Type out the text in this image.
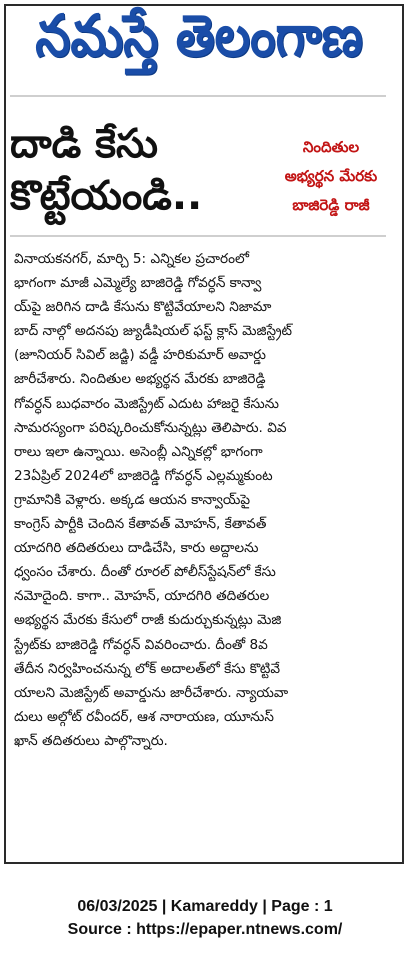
నమస్తే తెలంగాణ
దాడి కేసు
కొట్టేయండి..
నిందితుల
అభ్యర్థన మేరకు
బాజిరెడ్డి రాజీ
వినాయకనగర్, మార్చి 5: ఎన్నికల ప్రచారంలో
భాగంగా మాజీ ఎమ్మెల్యే బాజిరెడ్డి గోవర్ధన్ కాన్వా
య్‌పై జరిగిన దాడి కేసును కొట్టివేయాలని నిజామా
బాద్ నాల్గో అదనపు జ్యుడీషియల్ ఫస్ట్ క్లాస్ మెజిస్ట్రేట్
(జూనియర్ సివిల్ జడ్జి) వడ్డీ హరికుమార్ అవార్డు
జారీచేశారు. నిందితుల అభ్యర్థన మేరకు బాజిరెడ్డి
గోవర్ధన్ బుధవారం మెజిస్ట్రేట్ ఎదుట హాజరై కేసును
సామరస్యంగా పరిష్కరించుకోనున్నట్లు తెలిపారు. వివ
రాలు ఇలా ఉన్నాయి. అసెంబ్లీ ఎన్నికల్లో భాగంగా
23ఏప్రిల్ 2024లో బాజిరెడ్డి గోవర్ధన్ ఎల్లమ్మకుంట
గ్రామానికి వెళ్లారు. అక్కడ ఆయన కాన్వాయ్‌పై
కాంగ్రెస్ పార్టీకి చెందిన కేతావత్ మోహన్, కేతావత్
యాదగిరి తదితరులు దాడిచేసి, కారు అద్దాలను
ధ్వంసం చేశారు. దీంతో రూరల్ పోలీస్‌స్టేషన్‌లో కేసు
నమోదైంది. కాగా.. మోహన్, యాదగిరి తదితరుల
అభ్యర్థన మేరకు కేసులో రాజీ కుదుర్చుకున్నట్లు మెజి
స్ట్రేట్‌కు బాజిరెడ్డి గోవర్ధన్ వివరించారు. దీంతో 8వ
తేదీన నిర్వహించనున్న లోక్ అదాలత్‌లో కేసు కొట్టివే
యాలని మెజిస్ట్రేట్ అవార్డును జారీచేశారు. న్యాయవా
దులు అల్గోట్ రవీందర్, ఆశ నారాయణ, యూనుస్
ఖాన్ తదితరులు పాల్గొన్నారు.
06/03/2025 | Kamareddy | Page : 1
Source : https://epaper.ntnews.com/
